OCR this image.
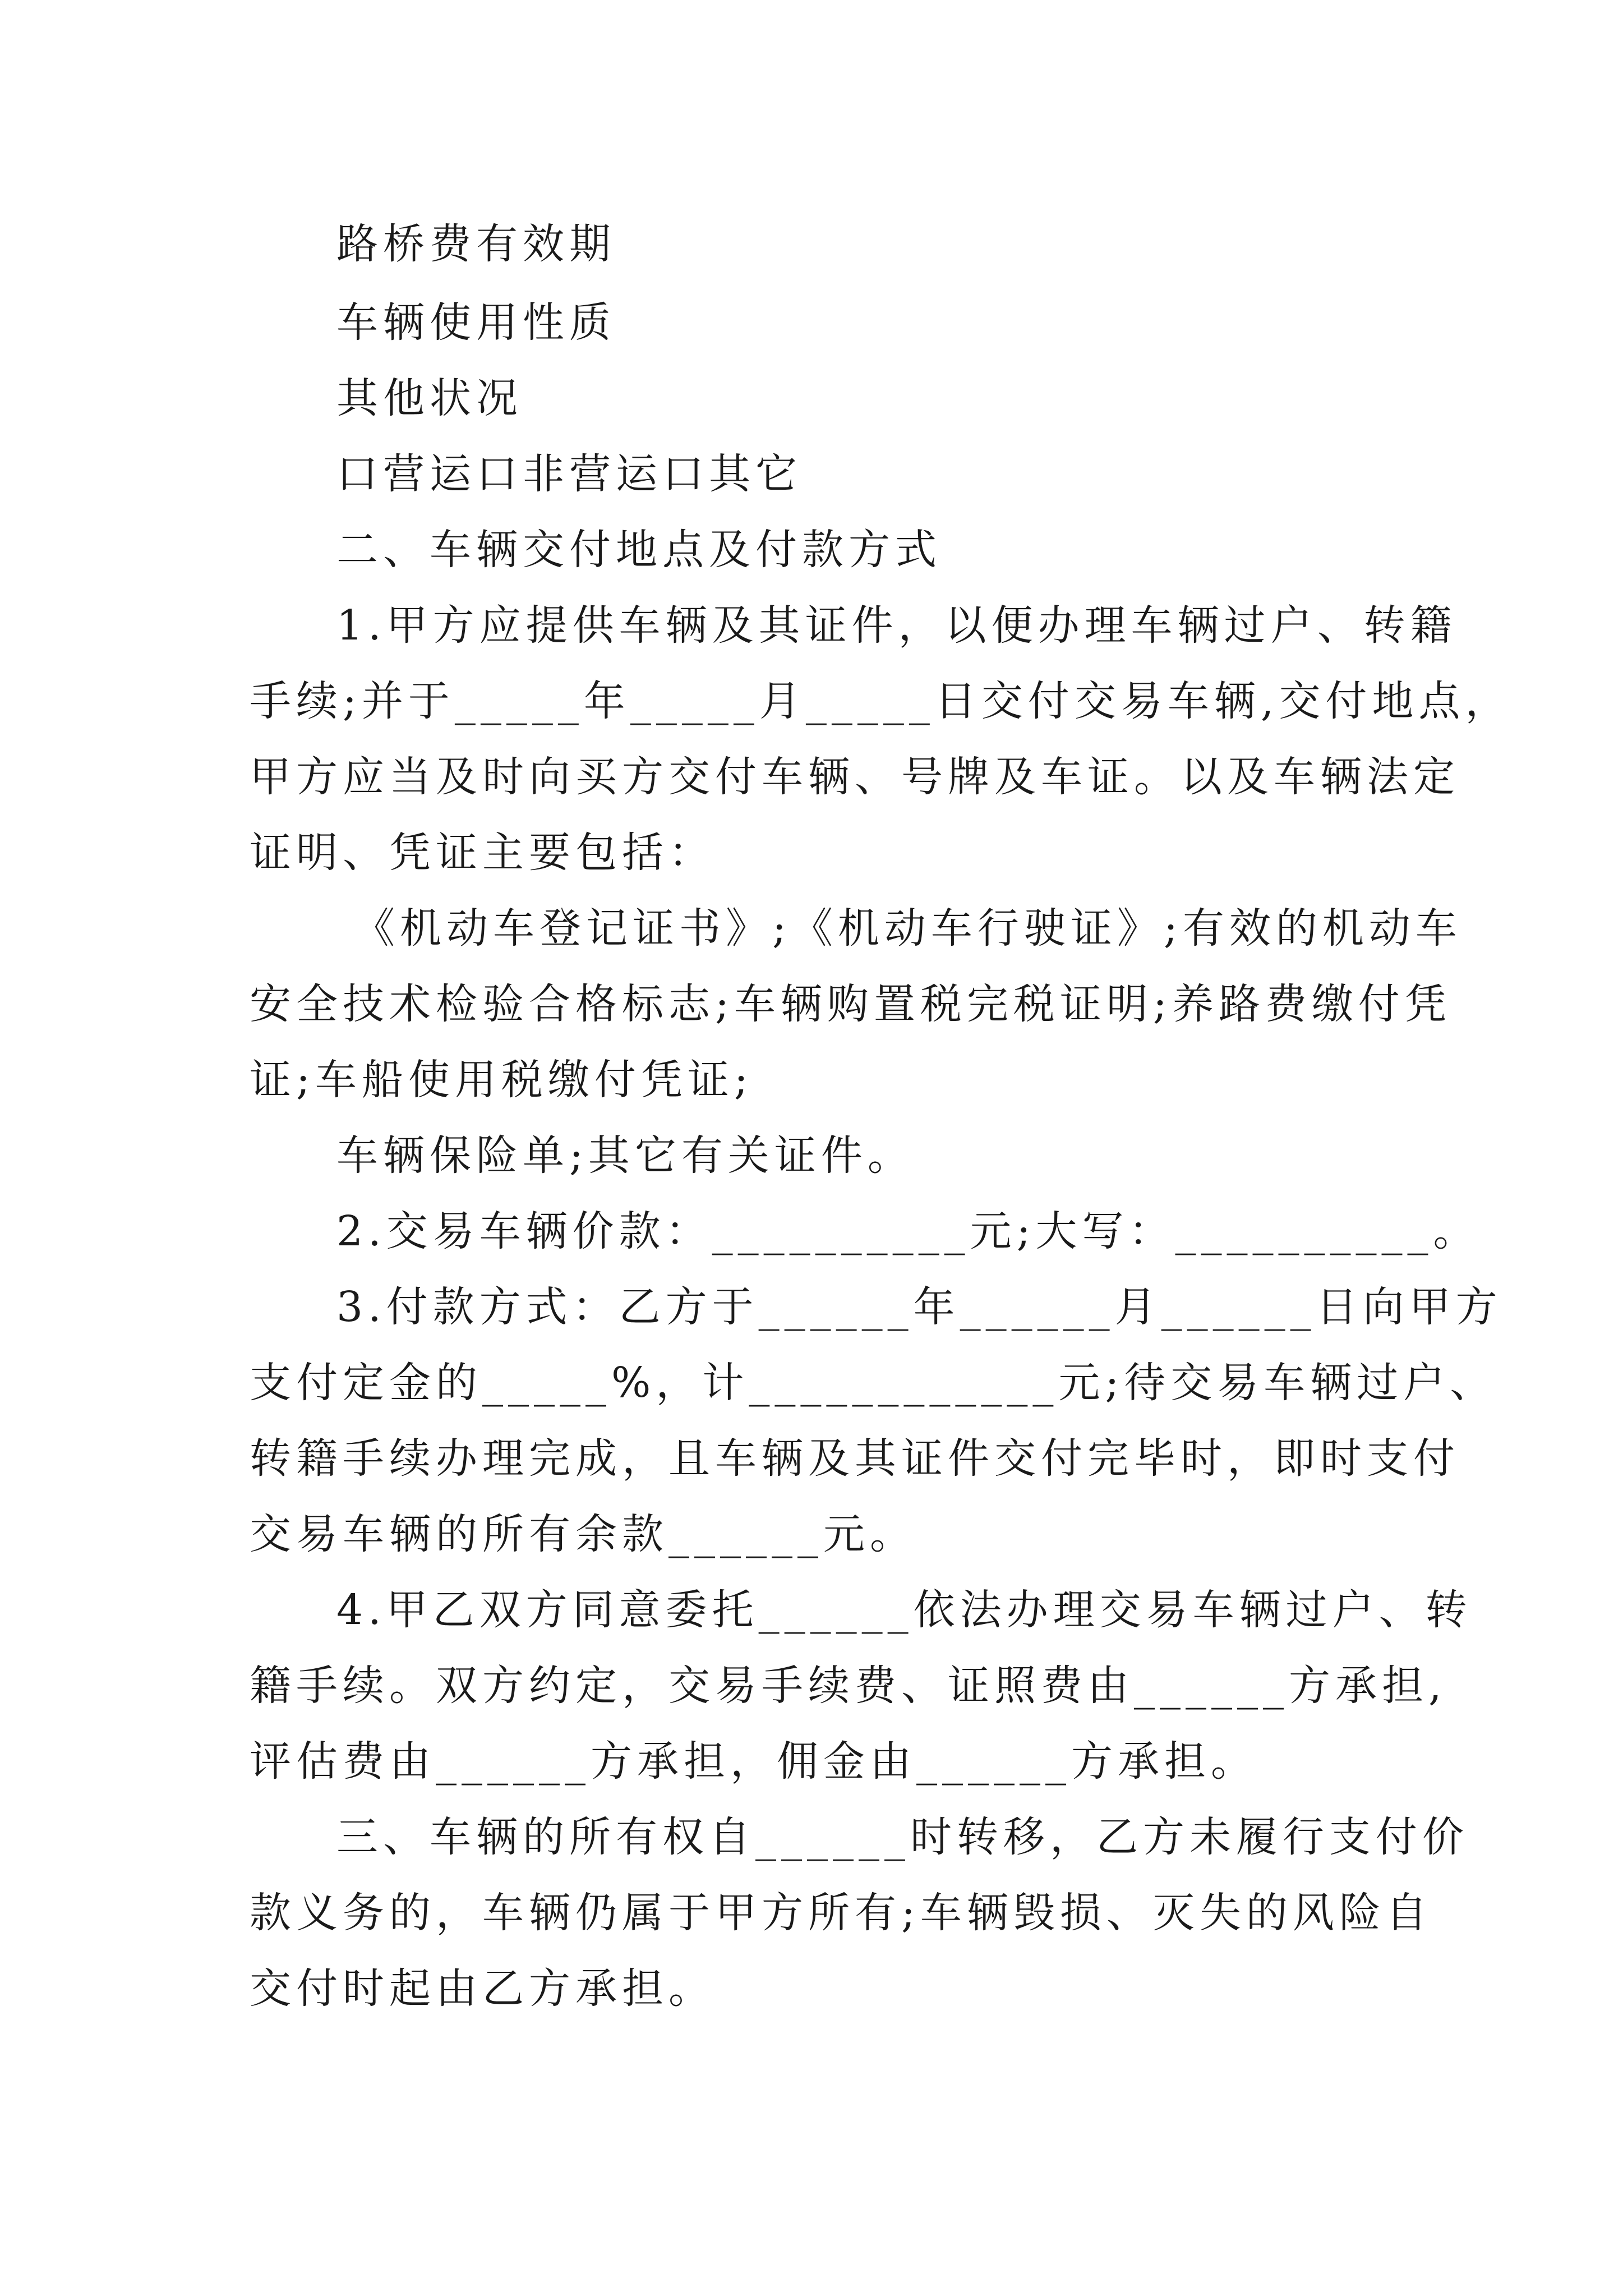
路桥费有效期
车辆使用性质
其他状况
口营运口非营运口其它
二、车辆交付地点及付款方式
1.甲方应提供车辆及其证件，以便办理车辆过户、转籍
手续;并于_____年_____月_____日交付交易车辆,交付地点，
甲方应当及时向买方交付车辆、号牌及车证。以及车辆法定
证明、凭证主要包括：
《机动车登记证书》;《机动车行驶证》;有效的机动车
安全技术检验合格标志;车辆购置税完税证明;养路费缴付凭
证;车船使用税缴付凭证;
车辆保险单;其它有关证件。
2.交易车辆价款：__________元;大写：__________。
3.付款方式：乙方于______年______月______日向甲方
支付定金的_____%，计____________元;待交易车辆过户、
转籍手续办理完成，且车辆及其证件交付完毕时，即时支付
交易车辆的所有余款______元。
4.甲乙双方同意委托______依法办理交易车辆过户、转
籍手续。双方约定，交易手续费、证照费由______方承担,
评估费由______方承担，佣金由______方承担。
三、车辆的所有权自______时转移，乙方未履行支付价
款义务的，车辆仍属于甲方所有;车辆毁损、灭失的风险自
交付时起由乙方承担。
